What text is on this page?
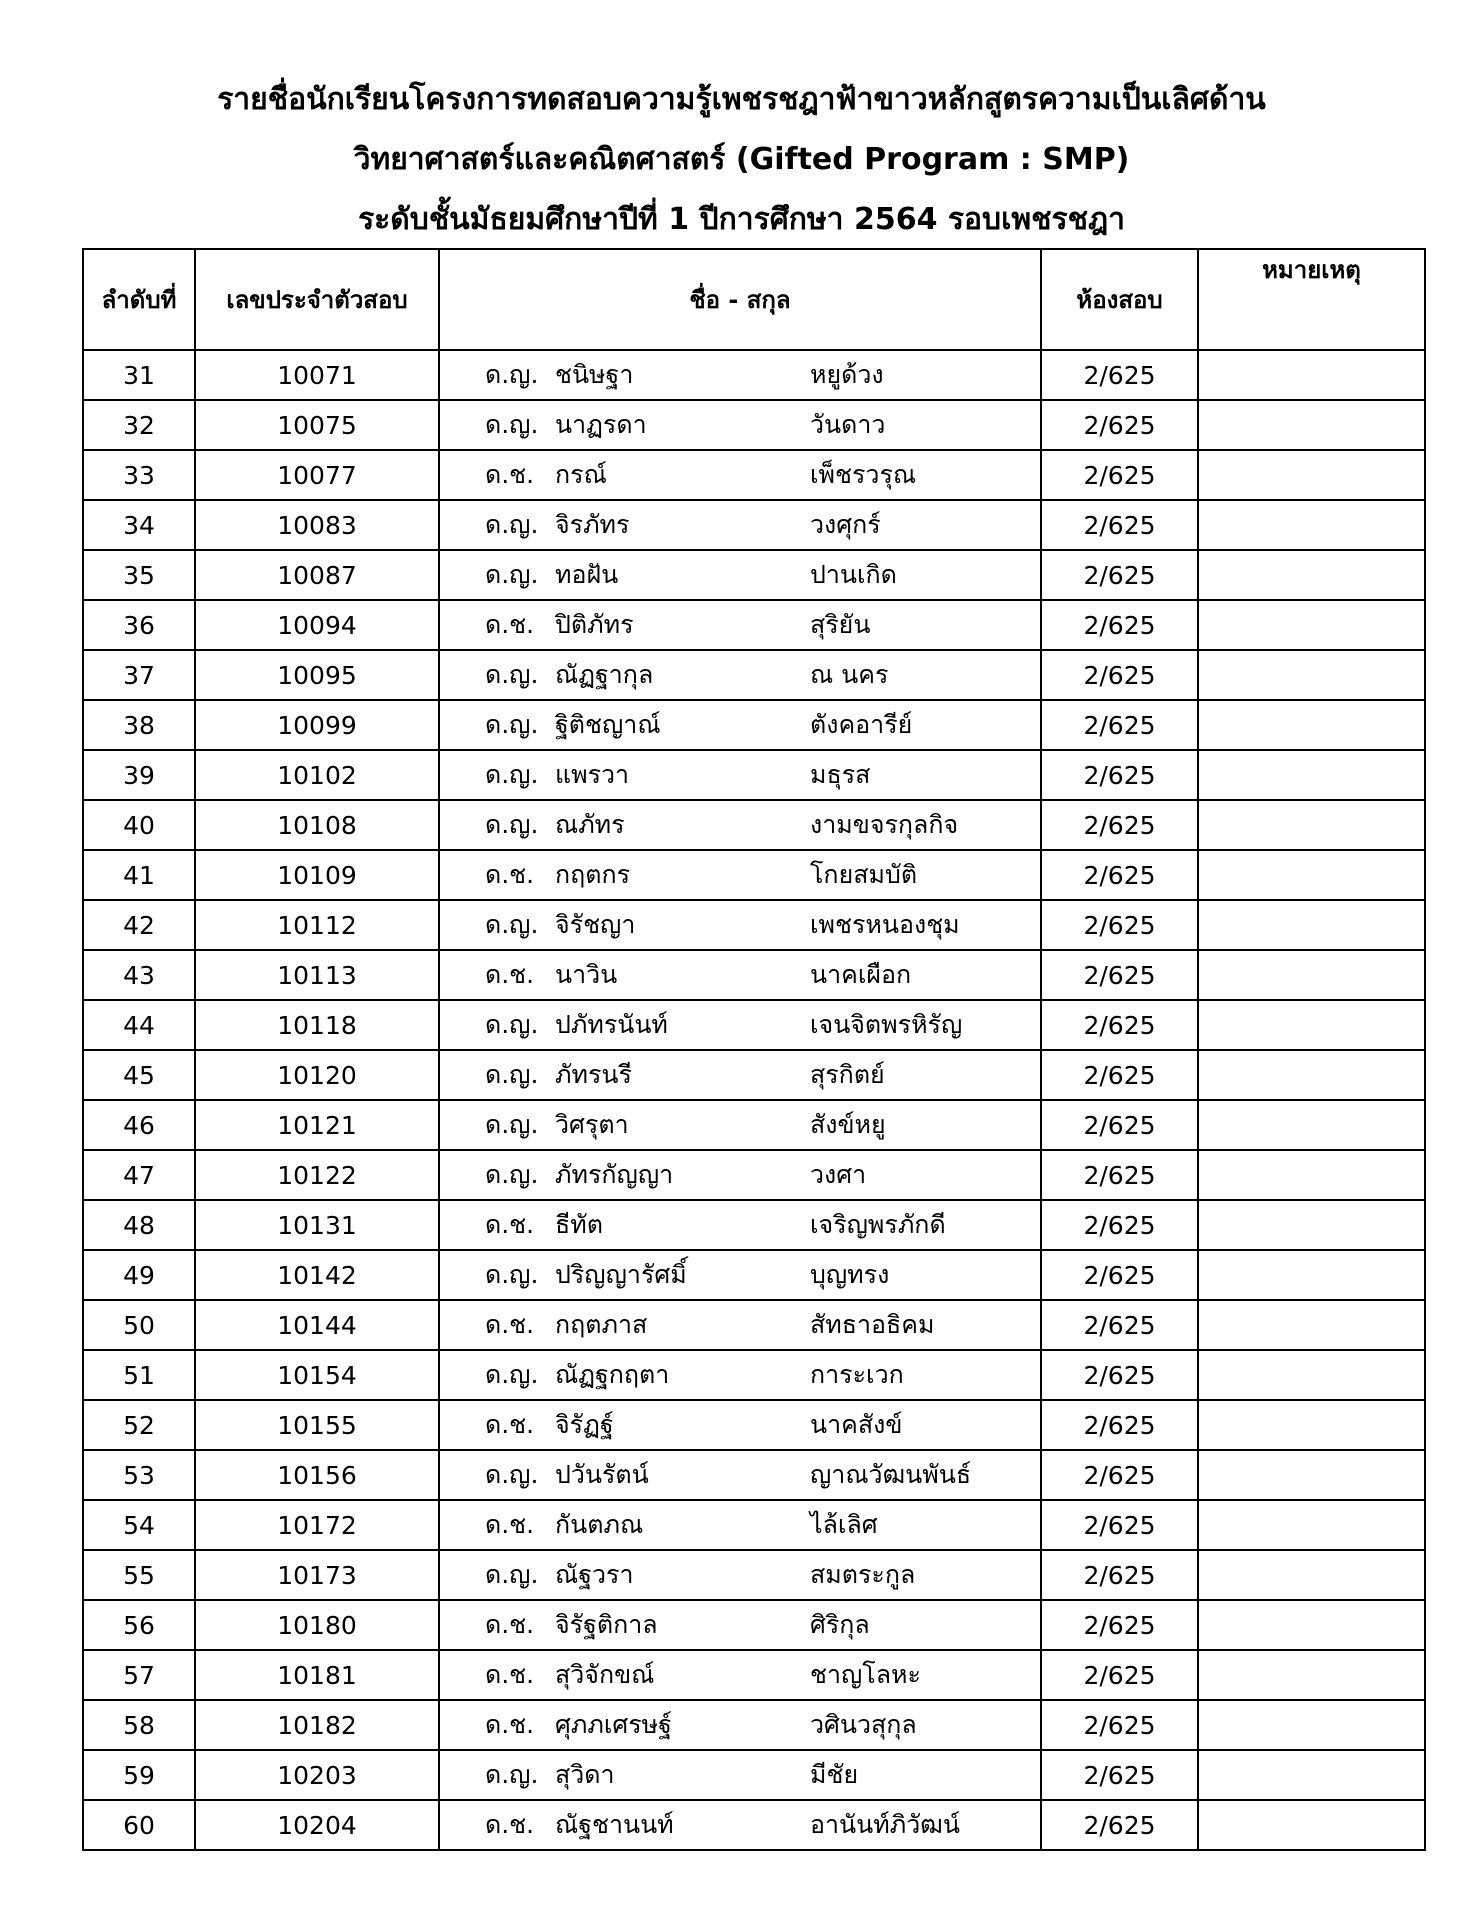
รายชื่อนักเรียนโครงการทดสอบความรู้เพชรชฎาฟ้าขาวหลักสูตรความเป็นเลิศด้าน
วิทยาศาสตร์และคณิตศาสตร์ (Gifted Program : SMP)
ระดับชั้นมัธยมศึกษาปีที่ 1 ปีการศึกษา 2564 รอบเพชรชฎา
ลำดับที่	เลขประจำตัวสอบ	ชื่อ - สกุล	ห้องสอบ	หมายเหตุ
31	10071	ด.ญ. ชนิษฐา หยูด้วง	2/625	
32	10075	ด.ญ. นาฏรดา วันดาว	2/625	
33	10077	ด.ช. กรณ์ เพ็ชรวรุณ	2/625	
34	10083	ด.ญ. จิรภัทร วงศุกร์	2/625	
35	10087	ด.ญ. ทอฝัน ปานเกิด	2/625	
36	10094	ด.ช. ปิติภัทร สุริยัน	2/625	
37	10095	ด.ญ. ณัฏฐากุล ณ นคร	2/625	
38	10099	ด.ญ. ฐิติชญาณ์ ตังคอารีย์	2/625	
39	10102	ด.ญ. แพรวา มธุรส	2/625	
40	10108	ด.ญ. ณภัทร งามขจรกุลกิจ	2/625	
41	10109	ด.ช. กฤตกร โกยสมบัติ	2/625	
42	10112	ด.ญ. จิรัชญา เพชรหนองชุม	2/625	
43	10113	ด.ช. นาวิน นาคเผือก	2/625	
44	10118	ด.ญ. ปภัทรนันท์ เจนจิตพรหิรัญ	2/625	
45	10120	ด.ญ. ภัทรนรี สุรกิตย์	2/625	
46	10121	ด.ญ. วิศรุตา สังข์หยู	2/625	
47	10122	ด.ญ. ภัทรกัญญา วงศา	2/625	
48	10131	ด.ช. ธีทัต เจริญพรภักดี	2/625	
49	10142	ด.ญ. ปริญญารัศมิ์ บุญทรง	2/625	
50	10144	ด.ช. กฤตภาส สัทธาอธิคม	2/625	
51	10154	ด.ญ. ณัฏฐกฤตา การะเวก	2/625	
52	10155	ด.ช. จิรัฏฐ์ นาคสังข์	2/625	
53	10156	ด.ญ. ปวันรัตน์ ญาณวัฒนพันธ์	2/625	
54	10172	ด.ช. กันตภณ ไล้เลิศ	2/625	
55	10173	ด.ญ. ณัฐวรา สมตระกูล	2/625	
56	10180	ด.ช. จิรัฐติกาล ศิริกุล	2/625	
57	10181	ด.ช. สุวิจักขณ์ ชาญโลหะ	2/625	
58	10182	ด.ช. ศุภภเศรษฐ์ วศินวสุกุล	2/625	
59	10203	ด.ญ. สุวิดา มีชัย	2/625	
60	10204	ด.ช. ณัฐชานนท์ อานันท์ภิวัฒน์	2/625	
